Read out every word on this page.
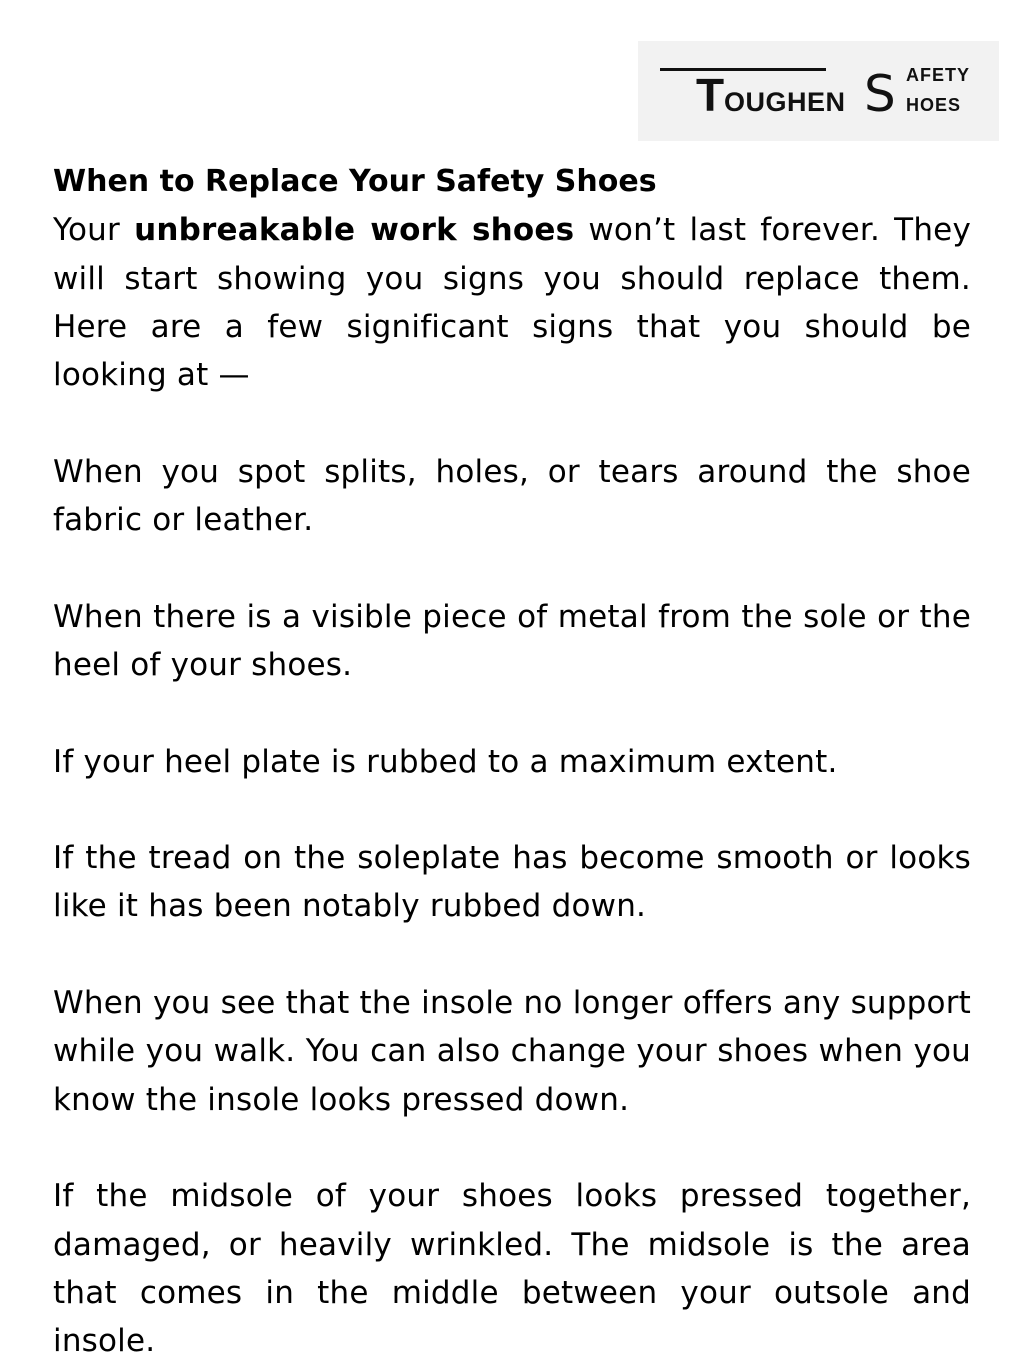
T OUGHEN S AFETY
HOES

When to Replace Your Safety Shoes

Your unbreakable work shoes won’t last forever. They will start showing you signs you should replace them. Here are a few significant signs that you should be looking at —

When you spot splits, holes, or tears around the shoe fabric or leather.

When there is a visible piece of metal from the sole or the heel of your shoes.

If your heel plate is rubbed to a maximum extent.

If the tread on the soleplate has become smooth or looks like it has been notably rubbed down.

When you see that the insole no longer offers any support while you walk. You can also change your shoes when you know the insole looks pressed down.

If the midsole of your shoes looks pressed together, damaged, or heavily wrinkled. The midsole is the area that comes in the middle between your outsole and insole.
